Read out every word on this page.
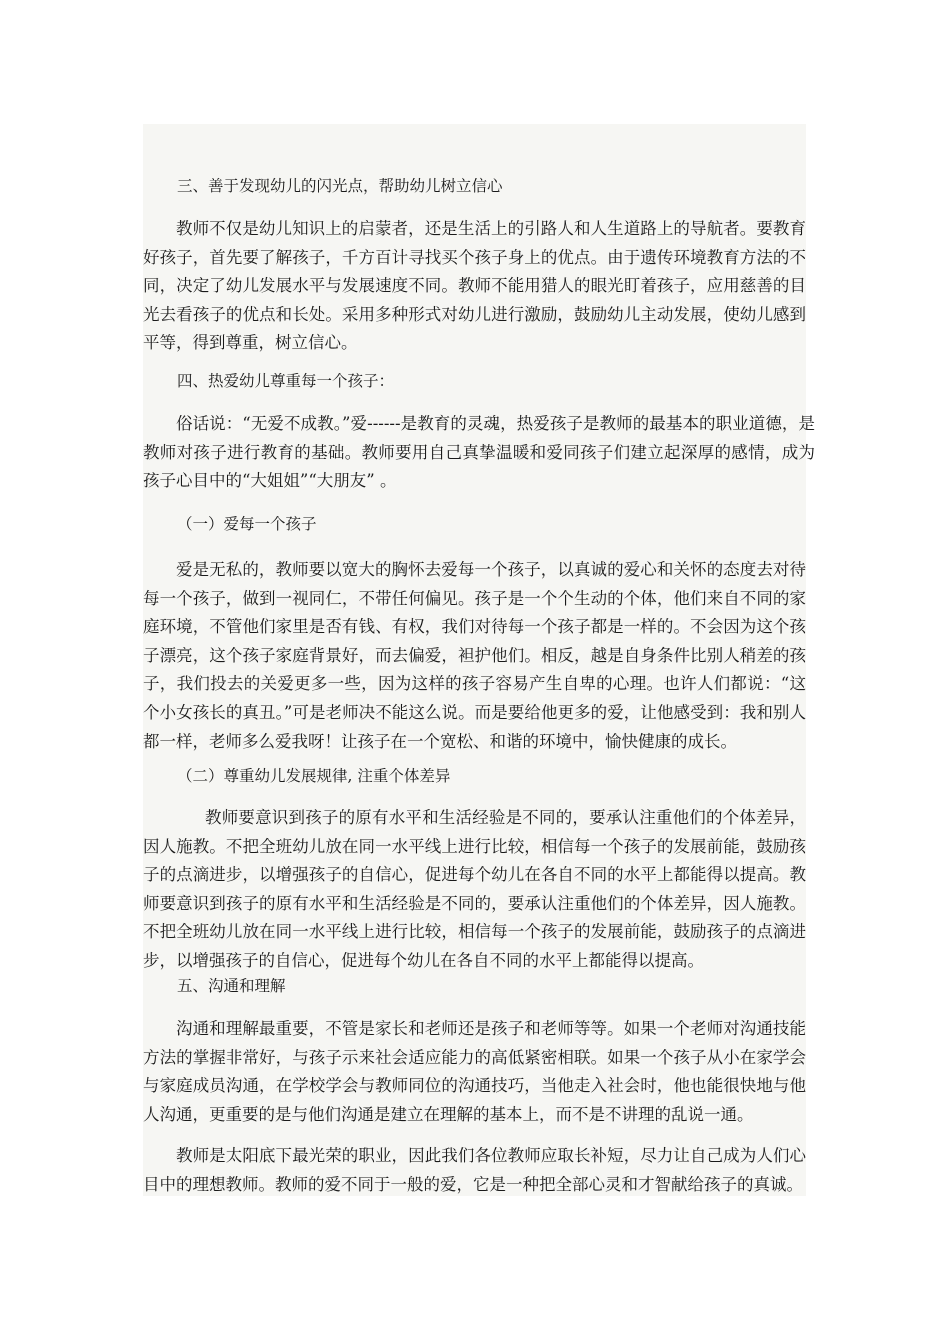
三、善于发现幼儿的闪光点，帮助幼儿树立信心

教师不仅是幼儿知识上的启蒙者，还是生活上的引路人和人生道路上的导航者。要教育好孩子，首先要了解孩子，千方百计寻找买个孩子身上的优点。由于遗传环境教育方法的不同，决定了幼儿发展水平与发展速度不同。教师不能用猎人的眼光盯着孩子，应用慈善的目光去看孩子的优点和长处。采用多种形式对幼儿进行激励，鼓励幼儿主动发展，使幼儿感到平等，得到尊重，树立信心。

四、热爱幼儿尊重每一个孩子：

俗话说：“无爱不成教。”爱------是教育的灵魂，热爱孩子是教师的最基本的职业道德，是教师对孩子进行教育的基础。教师要用自己真挚温暖和爱同孩子们建立起深厚的感情，成为孩子心目中的“大姐姐”“大朋友” 。

（一）爱每一个孩子

爱是无私的，教师要以宽大的胸怀去爱每一个孩子，以真诚的爱心和关怀的态度去对待每一个孩子，做到一视同仁，不带任何偏见。孩子是一个个生动的个体，他们来自不同的家庭环境，不管他们家里是否有钱、有权，我们对待每一个孩子都是一样的。不会因为这个孩子漂亮，这个孩子家庭背景好，而去偏爱，袒护他们。相反，越是自身条件比别人稍差的孩子，我们投去的关爱更多一些，因为这样的孩子容易产生自卑的心理。也许人们都说：“这个小女孩长的真丑。”可是老师决不能这么说。而是要给他更多的爱，让他感受到：我和别人都一样，老师多么爱我呀！让孩子在一个宽松、和谐的环境中，愉快健康的成长。

（二）尊重幼儿发展规律, 注重个体差异

教师要意识到孩子的原有水平和生活经验是不同的，要承认注重他们的个体差异，因人施教。不把全班幼儿放在同一水平线上进行比较，相信每一个孩子的发展前能，鼓励孩子的点滴进步，以增强孩子的自信心，促进每个幼儿在各自不同的水平上都能得以提高。教师要意识到孩子的原有水平和生活经验是不同的，要承认注重他们的个体差异，因人施教。不把全班幼儿放在同一水平线上进行比较，相信每一个孩子的发展前能，鼓励孩子的点滴进步，以增强孩子的自信心，促进每个幼儿在各自不同的水平上都能得以提高。

五、沟通和理解

沟通和理解最重要，不管是家长和老师还是孩子和老师等等。如果一个老师对沟通技能方法的掌握非常好，与孩子示来社会适应能力的高低紧密相联。如果一个孩子从小在家学会与家庭成员沟通，在学校学会与教师同位的沟通技巧，当他走入社会时，他也能很快地与他人沟通，更重要的是与他们沟通是建立在理解的基本上，而不是不讲理的乱说一通。

教师是太阳底下最光荣的职业，因此我们各位教师应取长补短，尽力让自己成为人们心目中的理想教师。教师的爱不同于一般的爱，它是一种把全部心灵和才智献给孩子的真诚。
